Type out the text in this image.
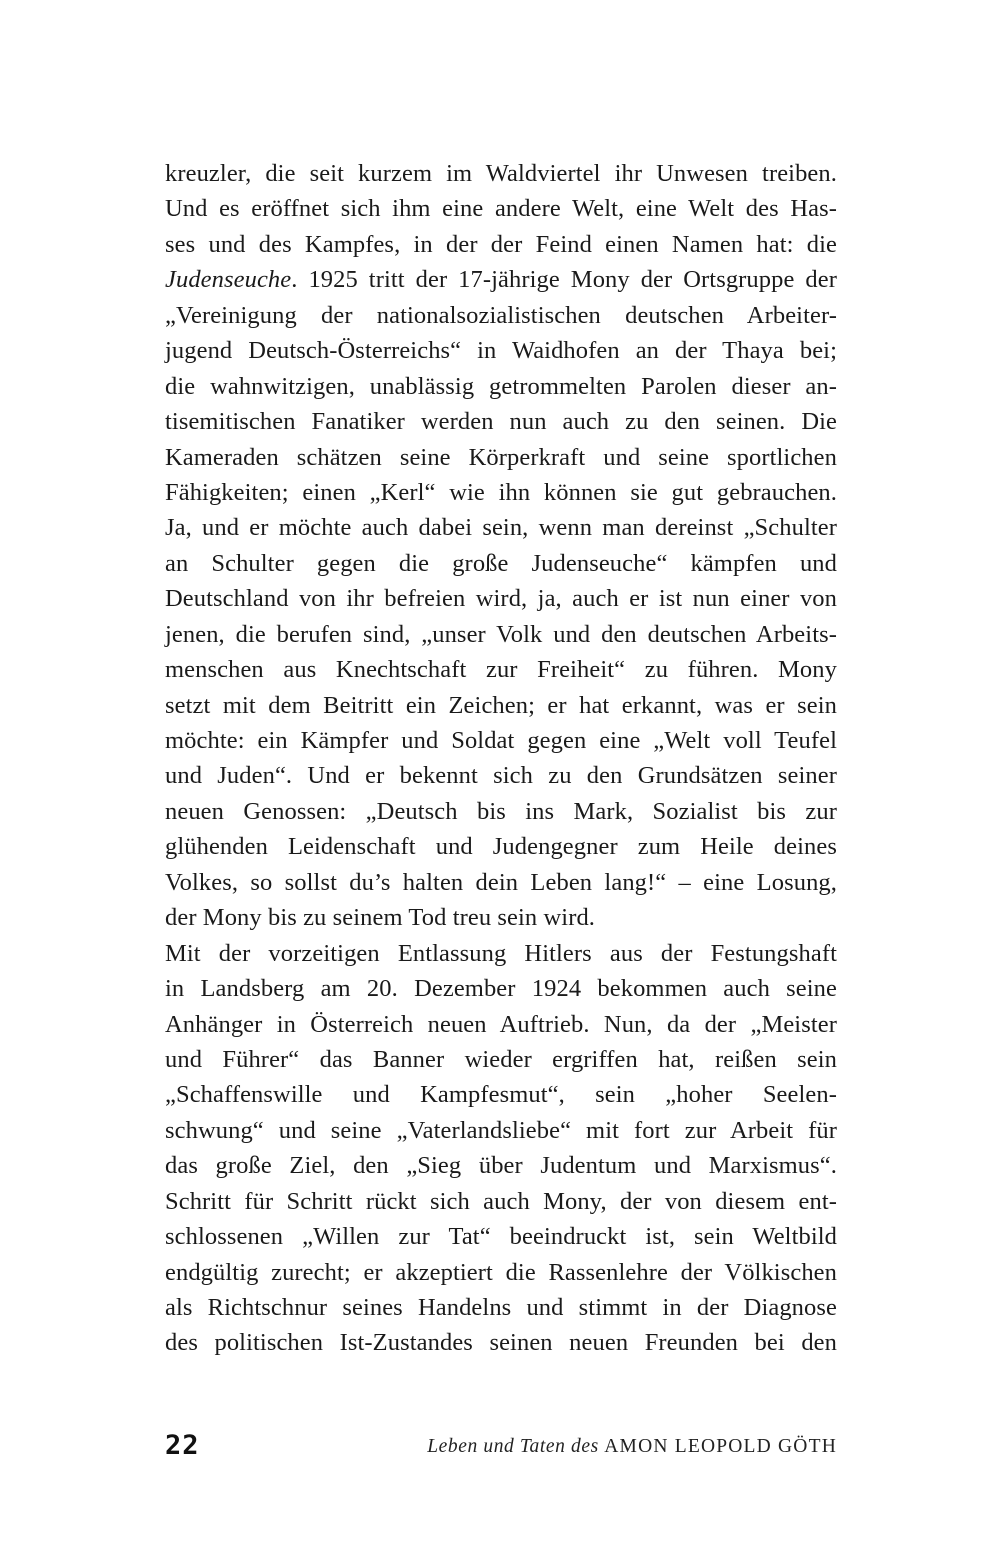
kreuzler, die seit kurzem im Waldviertel ihr Unwesen treiben.
Und es eröffnet sich ihm eine andere Welt, eine Welt des Has-
ses und des Kampfes, in der der Feind einen Namen hat: die
Judenseuche. 1925 tritt der 17-jährige Mony der Ortsgruppe der
„Vereinigung der nationalsozialistischen deutschen Arbeiter-
jugend Deutsch-Österreichs“ in Waidhofen an der Thaya bei;
die wahnwitzigen, unablässig getrommelten Parolen dieser an-
tisemitischen Fanatiker werden nun auch zu den seinen. Die
Kameraden schätzen seine Körperkraft und seine sportlichen
Fähigkeiten; einen „Kerl“ wie ihn können sie gut gebrauchen.
Ja, und er möchte auch dabei sein, wenn man dereinst „Schulter
an Schulter gegen die große Judenseuche“ kämpfen und
Deutschland von ihr befreien wird, ja, auch er ist nun einer von
jenen, die berufen sind, „unser Volk und den deutschen Arbeits-
menschen aus Knechtschaft zur Freiheit“ zu führen. Mony
setzt mit dem Beitritt ein Zeichen; er hat erkannt, was er sein
möchte: ein Kämpfer und Soldat gegen eine „Welt voll Teufel
und Juden“. Und er bekennt sich zu den Grundsätzen seiner
neuen Genossen: „Deutsch bis ins Mark, Sozialist bis zur
glühenden Leidenschaft und Judengegner zum Heile deines
Volkes, so sollst du’s halten dein Leben lang!“ – eine Losung,
der Mony bis zu seinem Tod treu sein wird.
Mit der vorzeitigen Entlassung Hitlers aus der Festungshaft
in Landsberg am 20. Dezember 1924 bekommen auch seine
Anhänger in Österreich neuen Auftrieb. Nun, da der „Meister
und Führer“ das Banner wieder ergriffen hat, reißen sein
„Schaffenswille und Kampfesmut“, sein „hoher Seelen-
schwung“ und seine „Vaterlandsliebe“ mit fort zur Arbeit für
das große Ziel, den „Sieg über Judentum und Marxismus“.
Schritt für Schritt rückt sich auch Mony, der von diesem ent-
schlossenen „Willen zur Tat“ beeindruckt ist, sein Weltbild
endgültig zurecht; er akzeptiert die Rassenlehre der Völkischen
als Richtschnur seines Handelns und stimmt in der Diagnose
des politischen Ist-Zustandes seinen neuen Freunden bei den
22	Leben und Taten des AMON LEOPOLD GÖTH
